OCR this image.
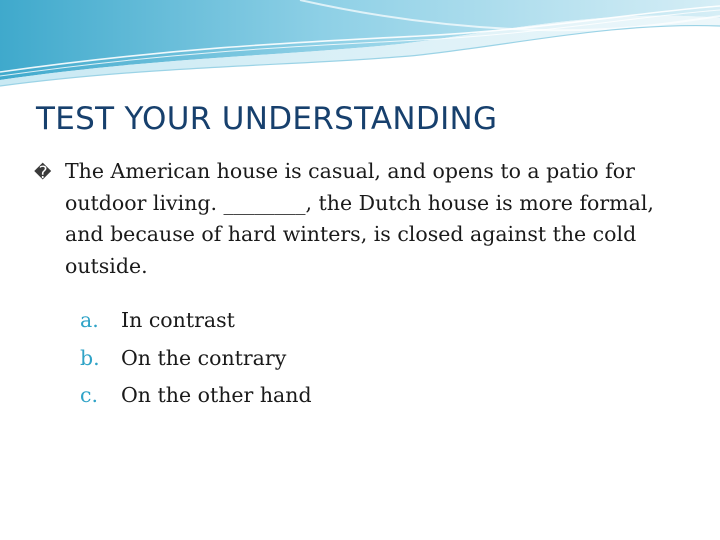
TEST YOUR UNDERSTANDING

� The American house is casual, and opens to a patio for outdoor living. ________, the Dutch house is more formal, and because of hard winters, is closed against the cold outside.

a.	In contrast
b.	On the contrary
c.	On the other hand
